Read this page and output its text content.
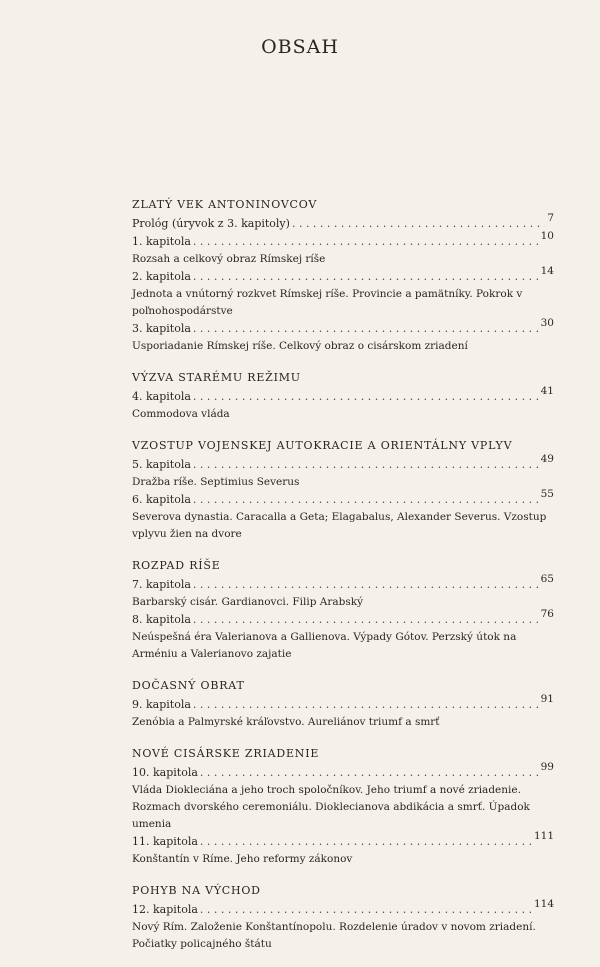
OBSAH
ZLATÝ VEK ANTONINOVCOV
Prológ (úryvok z 3. kapitoly) . . .	7
1. kapitola . . .	10
Rozsah a celkový obraz Rímskej ríše
2. kapitola . . .	14
Jednota a vnútorný rozkvet Rímskej ríše. Provincie a pamätníky. Pokrok v poľnohospodárstve
3. kapitola . . .	30
Usporiadanie Rímskej ríše. Celkový obraz o cisárskom zriadení
VÝZVA STARÉMU REŽIMU
4. kapitola . . .	41
Commodova vláda
VZOSTUP VOJENSKEJ AUTOKRACIE A ORIENTÁLNY VPLYV
5. kapitola . . .	49
Dražba ríše. Septimius Severus
6. kapitola . . .	55
Severova dynastia. Caracalla a Geta; Elagabalus, Alexander Severus. Vzostup vplyvu žien na dvore
ROZPAD RÍŠE
7. kapitola . . .	65
Barbarský cisár. Gardianovci. Filip Arabský
8. kapitola . . .	76
Neúspešná éra Valerianova a Gallienova. Výpady Gótov. Perzský útok na Arméniu a Valerianovo zajatie
DOČASNÝ OBRAT
9. kapitola . . .	91
Zenóbia a Palmyrské kráľovstvo. Aureliánov triumf a smrť
NOVÉ CISÁRSKE ZRIADENIE
10. kapitola . . .	99
Vláda Diokleciána a jeho troch spoločníkov. Jeho triumf a nové zriadenie. Rozmach dvorského ceremoniálu. Dioklecianova abdikácia a smrť. Úpadok umenia
11. kapitola . . .	111
Konštantín v Ríme. Jeho reformy zákonov
POHYB NA VÝCHOD
12. kapitola . . .	114
Nový Rím. Založenie Konštantínopolu. Rozdelenie úradov v novom zriadení. Počiatky policajného štátu
